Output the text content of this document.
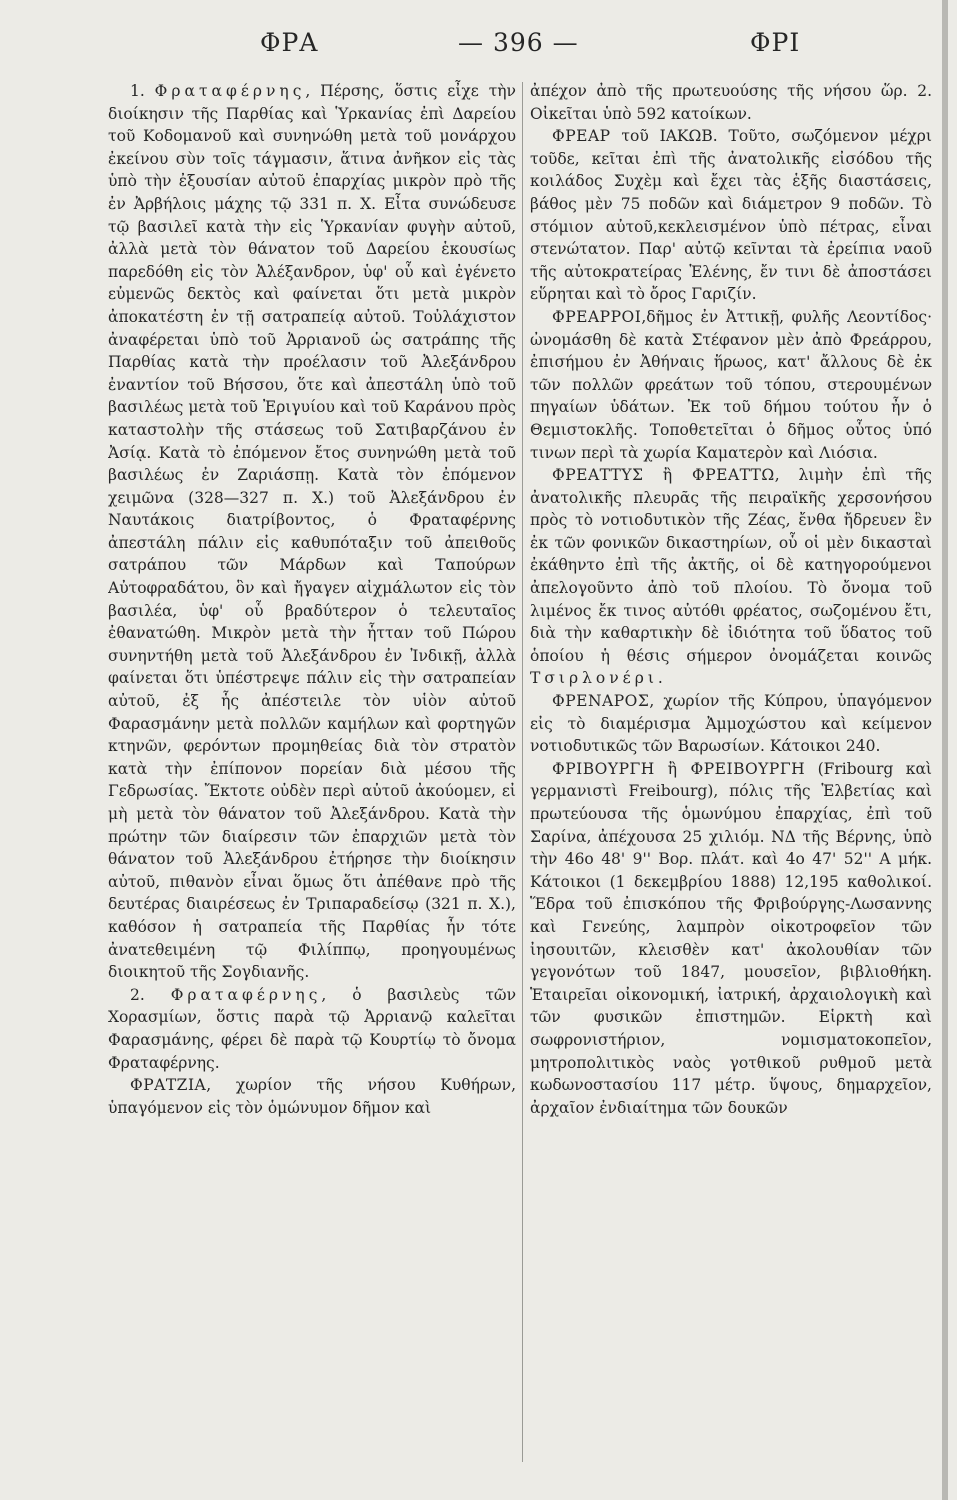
ΦΡΑ	— 396 —	ΦΡΙ

1. Φραταφέρνης, Πέρσης, ὅστις εἶχε τὴν διοίκησιν τῆς Παρθίας καὶ Ὑρκανίας ἐπὶ Δαρείου τοῦ Κοδομανοῦ καὶ συνηνώθη μετὰ τοῦ μονάρχου ἐκείνου σὺν τοῖς τάγμασιν, ἅτινα ἀνῆκον εἰς τὰς ὑπὸ τὴν ἐξουσίαν αὐτοῦ ἐπαρχίας μικρὸν πρὸ τῆς ἐν Ἀρβήλοις μάχης τῷ 331 π. Χ. Εἶτα συνώδευσε τῷ βασιλεῖ κατὰ τὴν εἰς Ὑρκανίαν φυγὴν αὐτοῦ, ἀλλὰ μετὰ τὸν θάνατον τοῦ Δαρείου ἑκουσίως παρεδόθη εἰς τὸν Ἀλέξανδρον, ὑφ' οὗ καὶ ἐγένετο εὐμενῶς δεκτὸς καὶ φαίνεται ὅτι μετὰ μικρὸν ἀποκατέστη ἐν τῇ σατραπείᾳ αὐτοῦ. Τοὐλάχιστον ἀναφέρεται ὑπὸ τοῦ Ἀρριανοῦ ὡς σατράπης τῆς Παρθίας κατὰ τὴν πρoέλασιν τοῦ Ἀλεξάνδρου ἐναντίον τοῦ Βήσσου, ὅτε καὶ ἀπεστάλη ὑπὸ τοῦ βασιλέως μετὰ τοῦ Ἐριγυίου καὶ τοῦ Καράνου πρὸς καταστολὴν τῆς στάσεως τοῦ Σατιβαρζάνου ἐν Ἀσίᾳ. Κατὰ τὸ ἐπόμενον ἔτος συνηνώθη μετὰ τοῦ βασιλέως ἐν Ζαριάσπῃ. Κατὰ τὸν ἐπόμενον χειμῶνα (328—327 π. Χ.) τοῦ Ἀλεξάνδρου ἐν Ναυτάκοις διατρίβοντος, ὁ Φραταφέρνης ἀπεστάλη πάλιν εἰς καθυπόταξιν τοῦ ἀπειθοῦς σατράπου τῶν Μάρδων καὶ Ταπούρων Αὐτοφραδάτου, ὃν καὶ ἤγαγεν αἰχμάλωτον εἰς τὸν βασιλέα, ὑφ' οὗ βραδύτερον ὁ τελευταῖος ἐθανατώθη. Μικρὸν μετὰ τὴν ἧτταν τοῦ Πώρου συνηντήθη μετὰ τοῦ Ἀλεξάνδρου ἐν Ἰνδικῇ, ἀλλὰ φαίνεται ὅτι ὑπέστρεψε πάλιν εἰς τὴν σατραπείαν αὐτοῦ, ἐξ ἧς ἀπέστειλε τὸν υἱὸν αὐτοῦ Φαρασμάνην μετὰ πολλῶν καμήλων καὶ φορτηγῶν κτηνῶν, φερόντων προμηθείας διὰ τὸν στρατὸν κατὰ τὴν ἐπίπονον πορείαν διὰ μέσου τῆς Γεδρωσίας. Ἔκτοτε οὐδὲν περὶ αὐτοῦ ἀκούομεν, εἰ μὴ μετὰ τὸν θάνατον τοῦ Ἀλεξάνδρου. Κατὰ τὴν πρώτην τῶν διαίρεσιν τῶν ἐπαρχιῶν μετὰ τὸν θάνατον τοῦ Ἀλεξάνδρου ἐτήρησε τὴν διοίκησιν αὐτοῦ, πιθανὸν εἶναι ὅμως ὅτι ἀπέθανε πρὸ τῆς δευτέρας διαιρέσεως ἐν Τριπαραδείσῳ (321 π. Χ.), καθόσον ἡ σατραπεία τῆς Παρθίας ἦν τότε ἀνατεθειμένη τῷ Φιλίππῳ, προηγουμένως διοικητοῦ τῆς Σογδιανῆς.

2. Φραταφέρνης, ὁ βασιλεὺς τῶν Χορασμίων, ὅστις παρὰ τῷ Ἀρριανῷ καλεῖται Φαρασμάνης, φέρει δὲ παρὰ τῷ Κουρτίῳ τὸ ὄνομα Φραταφέρνης.

ΦΡΑΤΖΙΑ, χωρίον τῆς νήσου Κυθήρων, ὑπαγόμενον εἰς τὸν ὁμώνυμον δῆμον καὶ

ἀπέχον ἀπὸ τῆς πρωτευούσης τῆς νήσου ὥρ. 2. Οἰκεῖται ὑπὸ 592 κατοίκων.

ΦΡΕΑΡ τοῦ ΙΑΚΩΒ. Τοῦτο, σωζόμενον μέχρι τοῦδε, κεῖται ἐπὶ τῆς ἀνατολικῆς εἰσόδου τῆς κοιλάδος Συχὲμ καὶ ἔχει τὰς ἑξῆς διαστάσεις, βάθος μὲν 75 ποδῶν καὶ διάμετρον 9 ποδῶν. Τὸ στόμιον αὐτοῦ,κεκλεισμένον ὑπὸ πέτρας, εἶναι στενώτατον. Παρ' αὐτῷ κεῖνται τὰ ἐρείπια ναοῦ τῆς αὐτοκρατείρας Ἑλένης, ἔν τινι δὲ ἀποστάσει εὕρηται καὶ τὸ ὄρος Γαριζίν.

ΦΡΕΑΡΡΟΙ,δῆμος ἐν Ἀττικῇ, φυλῆς Λεοντίδος· ὠνομάσθη δὲ κατὰ Στέφανον μὲν ἀπὸ Φρεάρρου, ἐπισήμου ἐν Ἀθήναις ἥρωος, κατ' ἄλλους δὲ ἐκ τῶν πολλῶν φρεάτων τοῦ τόπου, στερουμένων πηγαίων ὑδάτων. Ἐκ τοῦ δήμου τούτου ἦν ὁ Θεμιστοκλῆς. Τοποθετεῖται ὁ δῆμος οὗτος ὑπό τινων περὶ τὰ χωρία Καματερὸν καὶ Λιόσια.

ΦΡΕΑΤΤΥΣ ἢ ΦΡΕΑΤΤΩ, λιμὴν ἐπὶ τῆς ἀνατολικῆς πλευρᾶς τῆς πειραϊκῆς χερσονήσου πρὸς τὸ νοτιοδυτικὸν τῆς Ζέας, ἔνθα ἤδρευεν ἓν ἐκ τῶν φονικῶν δικαστηρίων, οὗ οἱ μὲν δικασταὶ ἐκάθηντο ἐπὶ τῆς ἀκτῆς, οἱ δὲ κατηγορούμενοι ἀπελογοῦντο ἀπὸ τοῦ πλοίου. Τὸ ὄνομα τοῦ λιμένος ἔκ τινος αὐτόθι φρέατος, σωζομένου ἔτι, διὰ τὴν καθαρτικὴν δὲ ἰδιότητα τοῦ ὕδατος τοῦ ὁποίου ἡ θέσις σήμερον ὀνομάζεται κοινῶς Τσιρλονέρι.

ΦΡΕΝΑΡΟΣ, χωρίον τῆς Κύπρου, ὑπαγόμενον εἰς τὸ διαμέρισμα Ἀμμοχώστου καὶ κείμενον νοτιοδυτικῶς τῶν Βαρωσίων. Κάτοικοι 240.

ΦΡΙΒΟΥΡΓΗ ἢ ΦΡΕΙΒΟΥΡΓΗ (Fribourg καὶ γερμανιστὶ Freibourg), πόλις τῆς Ἑλβετίας καὶ πρωτεύουσα τῆς ὁμωνύμου ἐπαρχίας, ἐπὶ τοῦ Σαρίνα, ἀπέχουσα 25 χιλιόμ. ΝΔ τῆς Βέρνης, ὑπὸ τὴν 46ο 48' 9'' Βορ. πλάτ. καὶ 4ο 47' 52'' Α μήκ. Κάτοικοι (1 δεκεμβρίου 1888) 12,195 καθολικοί. Ἕδρα τοῦ ἐπισκόπου τῆς Φριβούργης-Λωσαννης καὶ Γενεύης, λαμπρὸν οἰκοτροφεῖον τῶν ἰησουιτῶν, κλεισθὲν κατ' ἀκολουθίαν τῶν γεγονότων τοῦ 1847, μουσεῖον, βιβλιοθήκη. Ἑταιρεῖαι οἰκονομική, ἰατρική, ἀρχαιολογικὴ καὶ τῶν φυσικῶν ἐπιστημῶν. Εἱρκτὴ καὶ σωφρονιστήριον, νομισματοκοπεῖον, μητροπολιτικὸς ναὸς γοτθικοῦ ρυθμοῦ μετὰ κωδωνοστασίου 117 μέτρ. ὕψους, δημαρχεῖον, ἀρχαῖον ἐνδιαίτημα τῶν δουκῶν
